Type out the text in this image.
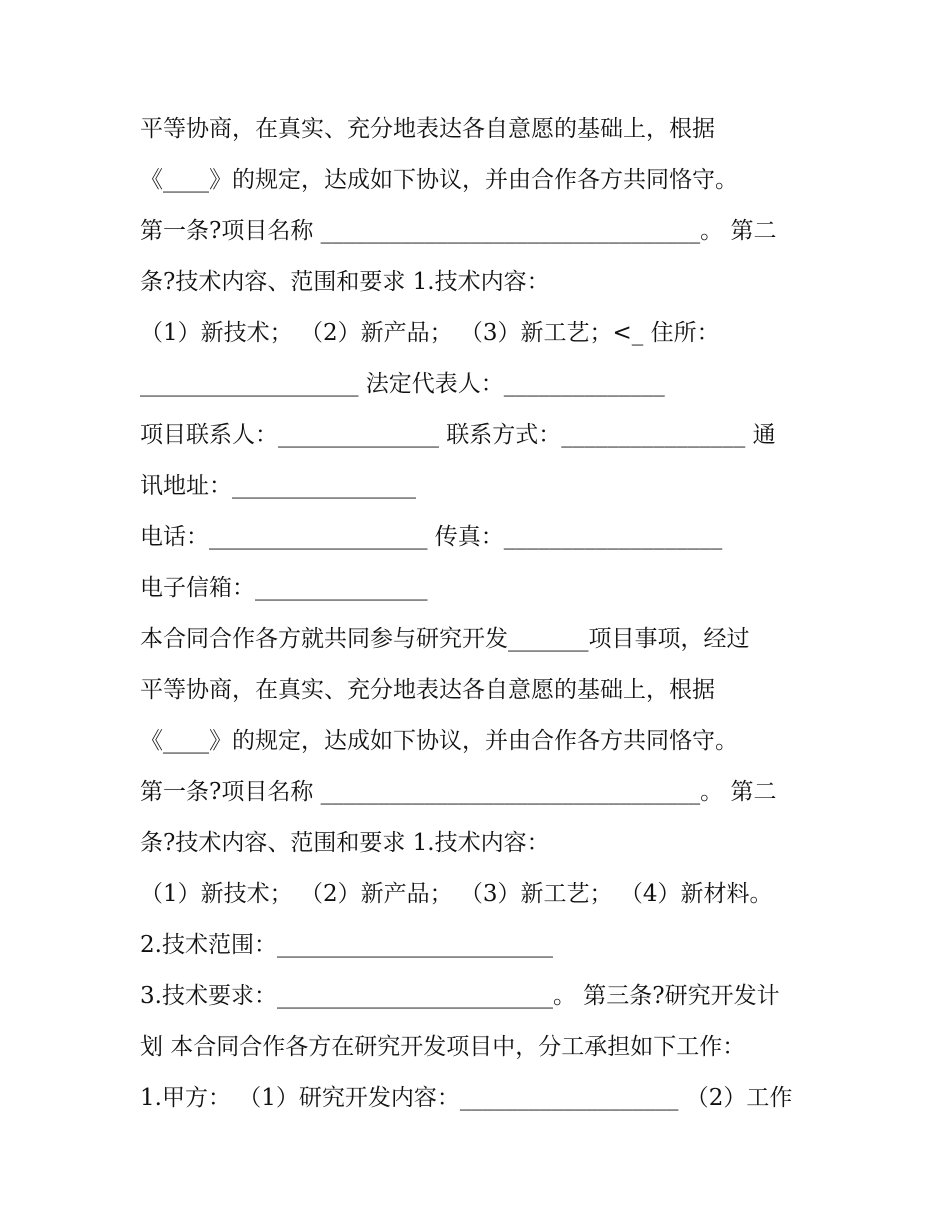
平等协商，在真实、充分地表达各自意愿的基础上，根据
《____》的规定，达成如下协议，并由合作各方共同恪守。
第一条?项目名称 _________________________________。 第二
条?技术内容、范围和要求 1.技术内容：
（1）新技术； （2）新产品； （3）新工艺；<_ 住所：
___________________ 法定代表人：______________
项目联系人：______________ 联系方式：________________ 通
讯地址：________________
电话：___________________ 传真：___________________
电子信箱：_______________
本合同合作各方就共同参与研究开发_______项目事项，经过
平等协商，在真实、充分地表达各自意愿的基础上，根据
《____》的规定，达成如下协议，并由合作各方共同恪守。
第一条?项目名称 _________________________________。 第二
条?技术内容、范围和要求 1.技术内容：
（1）新技术； （2）新产品； （3）新工艺； （4）新材料。
2.技术范围：________________________
3.技术要求：________________________。 第三条?研究开发计
划 本合同合作各方在研究开发项目中，分工承担如下工作：
1.甲方： （1）研究开发内容：___________________ （2）工作
